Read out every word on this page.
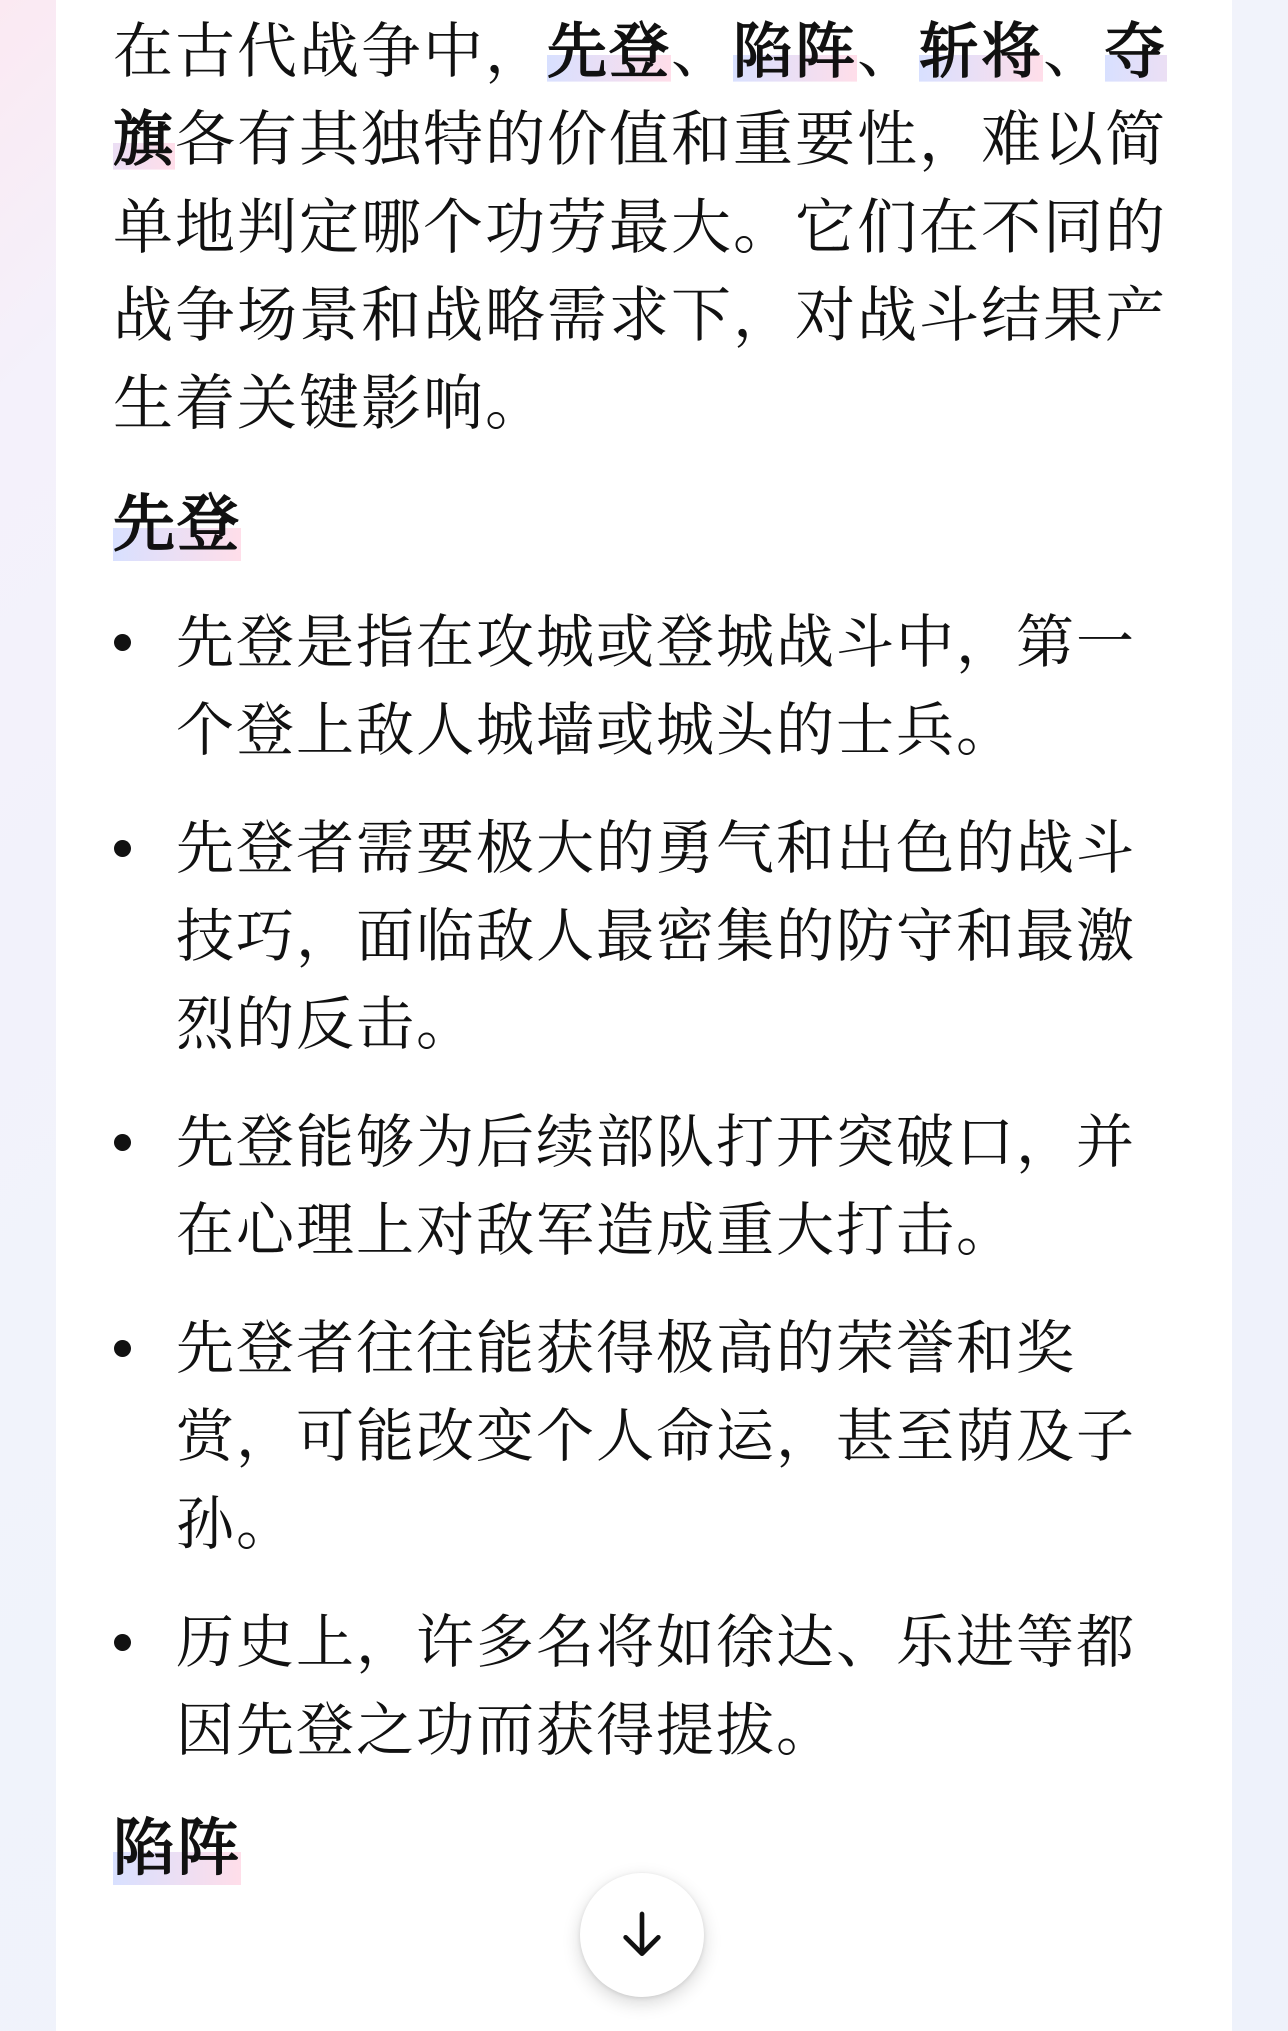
在古代战争中，先登、陷阵、斩将、夺旗各有其独特的价值和重要性，难以简单地判定哪个功劳最大。它们在不同的战争场景和战略需求下，对战斗结果产生着关键影响。

先登
先登是指在攻城或登城战斗中，第一个登上敌人城墙或城头的士兵。
先登者需要极大的勇气和出色的战斗技巧，面临敌人最密集的防守和最激烈的反击。
先登能够为后续部队打开突破口，并在心理上对敌军造成重大打击。
先登者往往能获得极高的荣誉和奖赏，可能改变个人命运，甚至荫及子孙。
历史上，许多名将如徐达、乐进等都因先登之功而获得提拔。
陷阵
